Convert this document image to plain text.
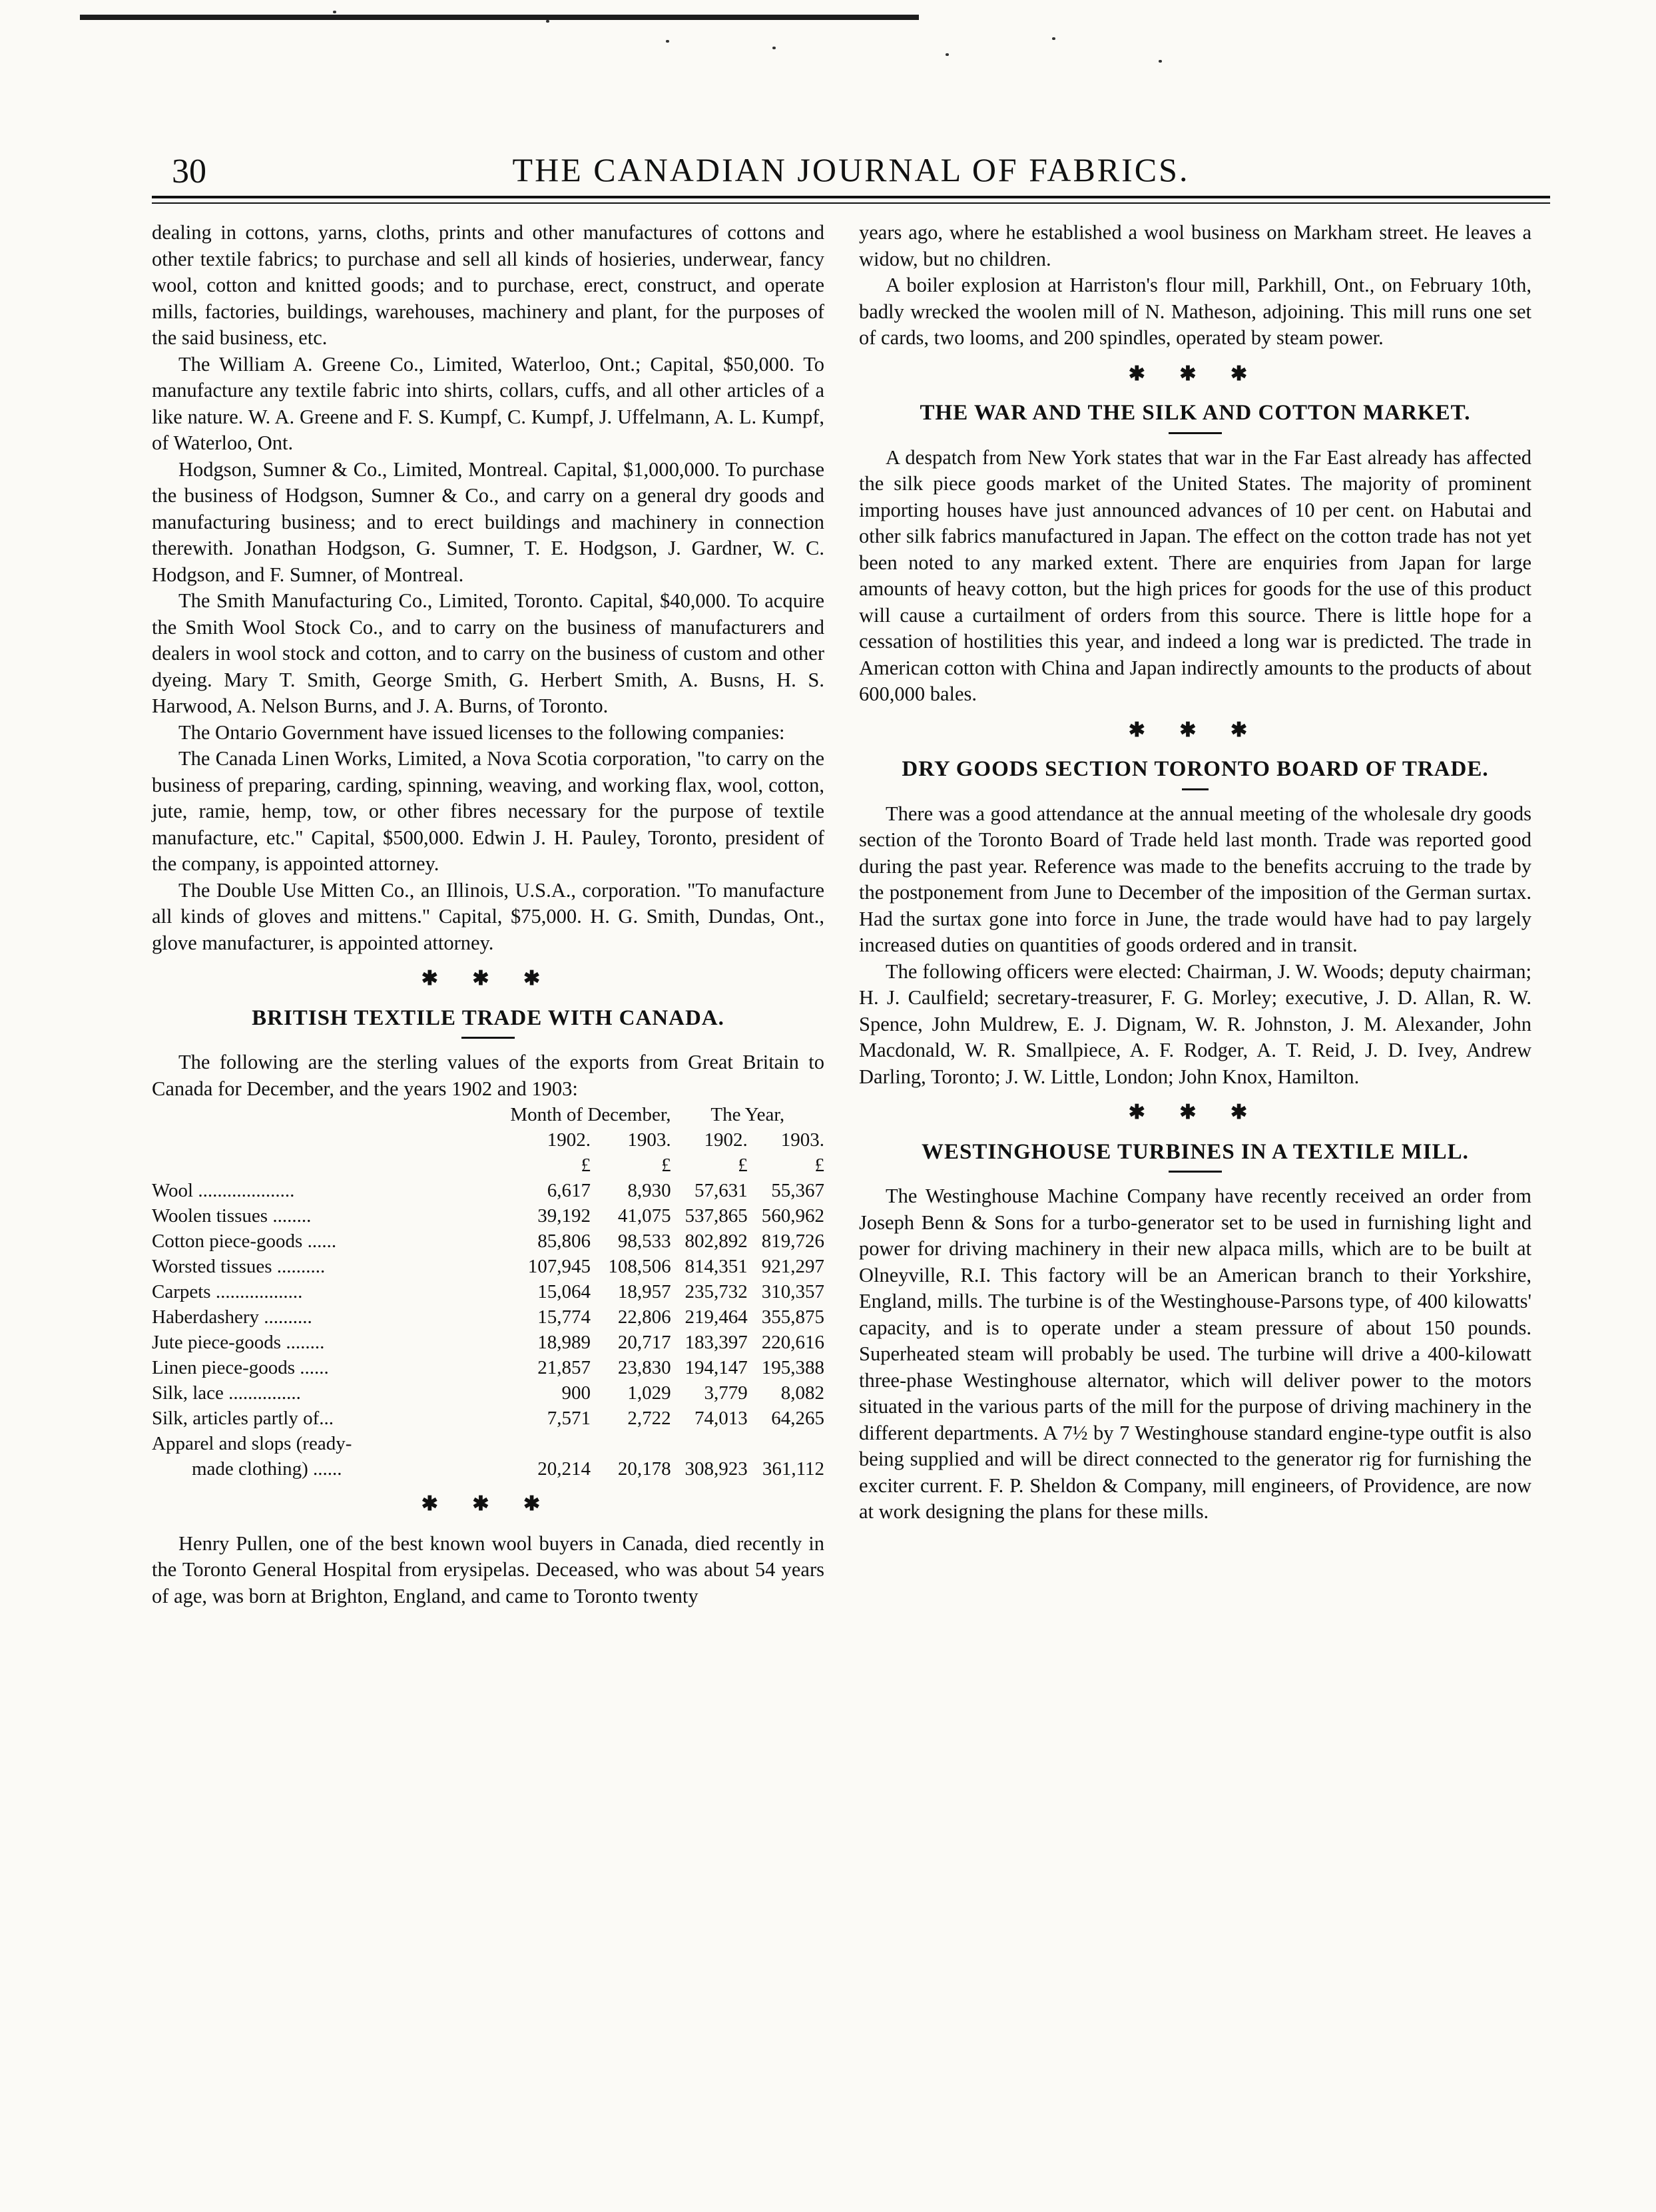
30	THE CANADIAN JOURNAL OF FABRICS.

dealing in cottons, yarns, cloths, prints and other manufactures of cottons and other textile fabrics; to purchase and sell all kinds of hosieries, underwear, fancy wool, cotton and knitted goods; and to purchase, erect, construct, and operate mills, factories, buildings, warehouses, machinery and plant, for the purposes of the said business, etc.

The William A. Greene Co., Limited, Waterloo, Ont.; Capital, $50,000. To manufacture any textile fabric into shirts, collars, cuffs, and all other articles of a like nature. W. A. Greene and F. S. Kumpf, C. Kumpf, J. Uffelmann, A. L. Kumpf, of Waterloo, Ont.

Hodgson, Sumner & Co., Limited, Montreal. Capital, $1,000,000. To purchase the business of Hodgson, Sumner & Co., and carry on a general dry goods and manufacturing business; and to erect buildings and machinery in connection therewith. Jonathan Hodgson, G. Sumner, T. E. Hodgson, J. Gardner, W. C. Hodgson, and F. Sumner, of Montreal.

The Smith Manufacturing Co., Limited, Toronto. Capital, $40,000. To acquire the Smith Wool Stock Co., and to carry on the business of manufacturers and dealers in wool stock and cotton, and to carry on the business of custom and other dyeing. Mary T. Smith, George Smith, G. Herbert Smith, A. Busns, H. S. Harwood, A. Nelson Burns, and J. A. Burns, of Toronto.

The Ontario Government have issued licenses to the following companies:

The Canada Linen Works, Limited, a Nova Scotia corporation, "to carry on the business of preparing, carding, spinning, weaving, and working flax, wool, cotton, jute, ramie, hemp, tow, or other fibres necessary for the purpose of textile manufacture, etc." Capital, $500,000. Edwin J. H. Pauley, Toronto, president of the company, is appointed attorney.

The Double Use Mitten Co., an Illinois, U.S.A., corporation. "To manufacture all kinds of gloves and mittens." Capital, $75,000. H. G. Smith, Dundas, Ont., glove manufacturer, is appointed attorney.

✱ ✱ ✱
BRITISH TEXTILE TRADE WITH CANADA.

The following are the sterling values of the exports from Great Britain to Canada for December, and the years 1902 and 1903:

	Month of December,		The Year,	
	1902.	1903.	1902.	1903.
	£	£	£	£
Wool ....................	6,617	8,930	57,631	55,367
Woolen tissues ........	39,192	41,075	537,865	560,962
Cotton piece-goods ......	85,806	98,533	802,892	819,726
Worsted tissues ..........	107,945	108,506	814,351	921,297
Carpets ..................	15,064	18,957	235,732	310,357
Haberdashery ..........	15,774	22,806	219,464	355,875
Jute piece-goods ........	18,989	20,717	183,397	220,616
Linen piece-goods ......	21,857	23,830	194,147	195,388
Silk, lace ...............	900	1,029	3,779	8,082
Silk, articles partly of...	7,571	2,722	74,013	64,265
Apparel and slops (ready-				
made clothing) ......	20,214	20,178	308,923	361,112
✱ ✱ ✱

Henry Pullen, one of the best known wool buyers in Canada, died recently in the Toronto General Hospital from erysipelas. Deceased, who was about 54 years of age, was born at Brighton, England, and came to Toronto twenty

years ago, where he established a wool business on Markham street. He leaves a widow, but no children.

A boiler explosion at Harriston's flour mill, Parkhill, Ont., on February 10th, badly wrecked the woolen mill of N. Matheson, adjoining. This mill runs one set of cards, two looms, and 200 spindles, operated by steam power.

✱ ✱ ✱
THE WAR AND THE SILK AND COTTON MARKET.

A despatch from New York states that war in the Far East already has affected the silk piece goods market of the United States. The majority of prominent importing houses have just announced advances of 10 per cent. on Habutai and other silk fabrics manufactured in Japan. The effect on the cotton trade has not yet been noted to any marked extent. There are enquiries from Japan for large amounts of heavy cotton, but the high prices for goods for the use of this product will cause a curtailment of orders from this source. There is little hope for a cessation of hostilities this year, and indeed a long war is predicted. The trade in American cotton with China and Japan indirectly amounts to the products of about 600,000 bales.

✱ ✱ ✱
DRY GOODS SECTION TORONTO BOARD OF TRADE.

There was a good attendance at the annual meeting of the wholesale dry goods section of the Toronto Board of Trade held last month. Trade was reported good during the past year. Reference was made to the benefits accruing to the trade by the postponement from June to December of the imposition of the German surtax. Had the surtax gone into force in June, the trade would have had to pay largely increased duties on quantities of goods ordered and in transit.

The following officers were elected: Chairman, J. W. Woods; deputy chairman; H. J. Caulfield; secretary-treasurer, F. G. Morley; executive, J. D. Allan, R. W. Spence, John Muldrew, E. J. Dignam, W. R. Johnston, J. M. Alexander, John Macdonald, W. R. Smallpiece, A. F. Rodger, A. T. Reid, J. D. Ivey, Andrew Darling, Toronto; J. W. Little, London; John Knox, Hamilton.

✱ ✱ ✱
WESTINGHOUSE TURBINES IN A TEXTILE MILL.

The Westinghouse Machine Company have recently received an order from Joseph Benn & Sons for a turbo-generator set to be used in furnishing light and power for driving machinery in their new alpaca mills, which are to be built at Olneyville, R.I. This factory will be an American branch to their Yorkshire, England, mills. The turbine is of the Westinghouse-Parsons type, of 400 kilowatts' capacity, and is to operate under a steam pressure of about 150 pounds. Superheated steam will probably be used. The turbine will drive a 400-kilowatt three-phase Westinghouse alternator, which will deliver power to the motors situated in the various parts of the mill for the purpose of driving machinery in the different departments. A 7½ by 7 Westinghouse standard engine-type outfit is also being supplied and will be direct connected to the generator rig for furnishing the exciter current. F. P. Sheldon & Company, mill engineers, of Providence, are now at work designing the plans for these mills.
